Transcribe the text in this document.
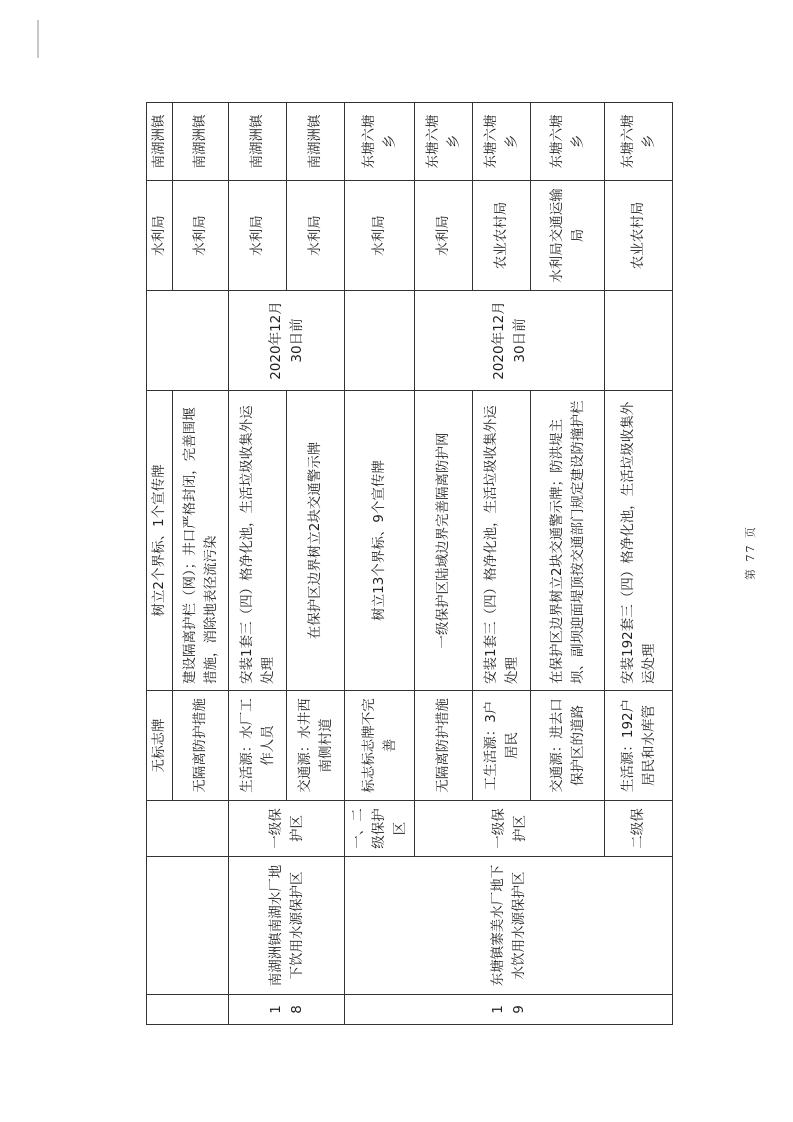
			无标志牌	树立2个界标、1个宣传牌		水利局	南湖洲镇
			无隔离防护措施	建设隔离护栏（网）；井口严格封闭，完善围堰措施，消除地表径流污染		水利局	南湖洲镇
18	南湖洲镇南湖水厂地下饮用水源保护区	一级保护区	生活源：水厂工作人员	安装1套三（四）格净化池，生活垃圾收集外运处理	2020年12月30日前	水利局	南湖洲镇
			交通源：水井西南侧村道	在保护区边界树立2块交通警示牌		水利局	南湖洲镇
19	东塘镇寨美水厂地下水饮用水源保护区	一、二级保护区	标志标志牌不完善	树立13个界标、9个宣传牌		水利局	东塘六塘乡
		一级保护区	无隔离防护措施	一级保护区陆域边界完善隔离防护网	2020年12月30日前	水利局	东塘六塘乡
			工生活源：3户居民	安装1套三（四）格净化池，生活垃圾收集外运处理		农业农村局	东塘六塘乡
			交通源：进去口保护区的道路	在保护区边界树立2块交通警示牌；防洪堤主坝、副坝迎面堤顶按交通部门规定建设防撞护栏		水利局交通运输局	东塘六塘乡
		二级保	生活源：192户居民和水库管	安装192套三（四）格净化池，生活垃圾收集外运处理		农业农村局	东塘六塘乡
第 77 页
